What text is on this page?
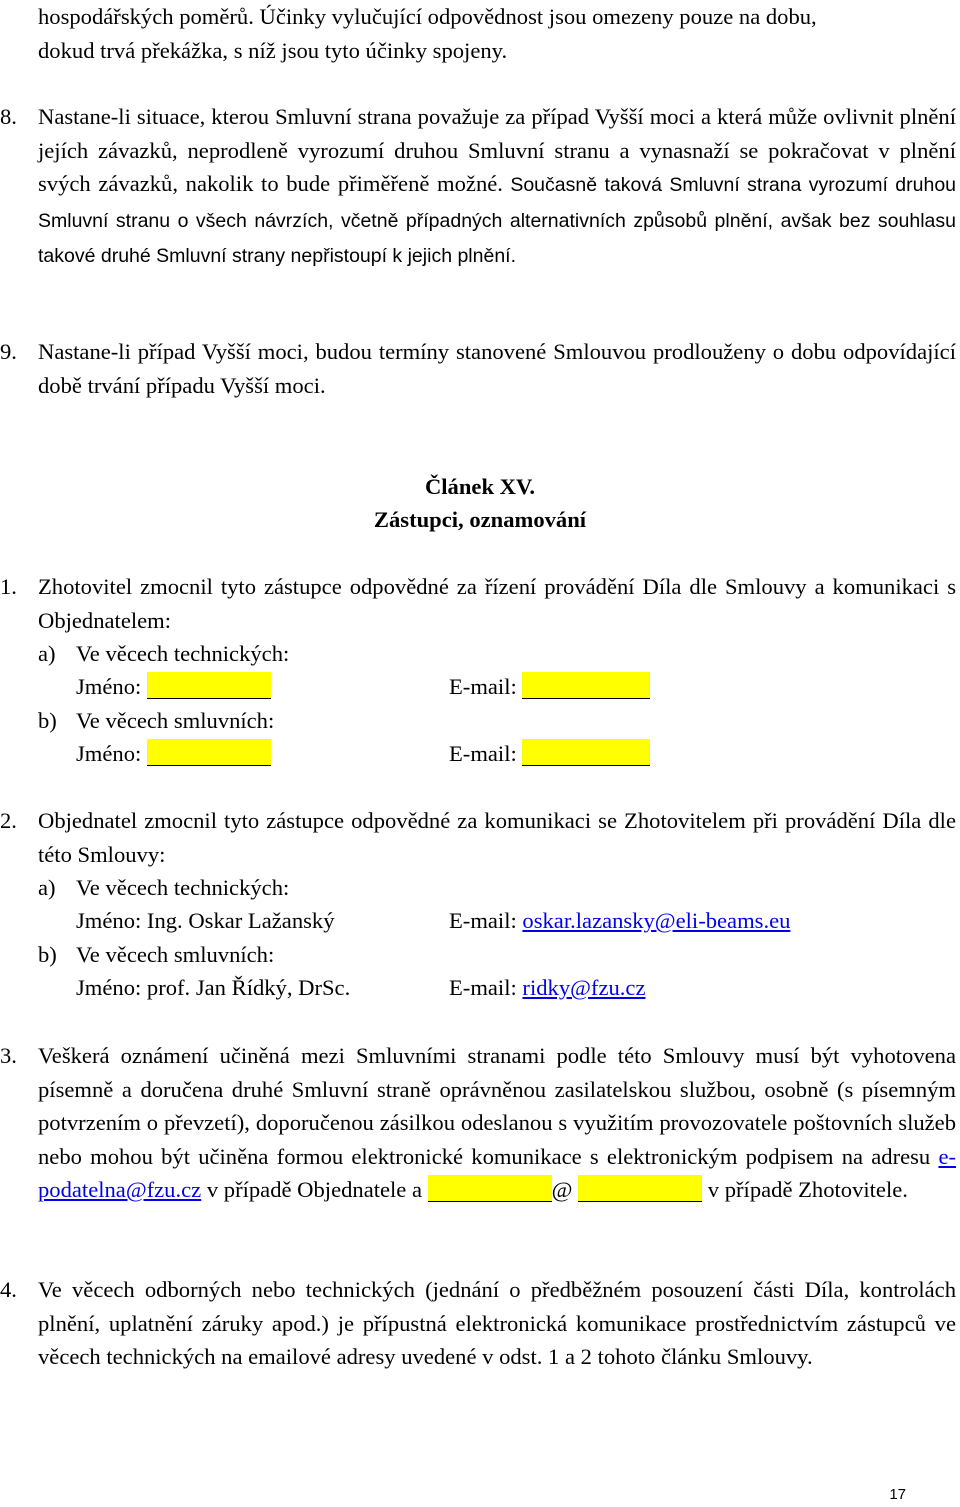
hospodářských poměrů. Účinky vylučující odpovědnost jsou omezeny pouze na dobu,
dokud trvá překážka, s níž jsou tyto účinky spojeny.
8. Nastane-li situace, kterou Smluvní strana považuje za případ Vyšší moci a která může ovlivnit plnění jejích závazků, neprodleně vyrozumí druhou Smluvní stranu a vynasnaží se pokračovat v plnění svých závazků, nakolik to bude přiměřeně možné. Současně taková Smluvní strana vyrozumí druhou Smluvní stranu o všech návrzích, včetně případných alternativních způsobů plnění, avšak bez souhlasu takové druhé Smluvní strany nepřistoupí k jejich plnění.
9. Nastane-li případ Vyšší moci, budou termíny stanovené Smlouvou prodlouženy o dobu odpovídající době trvání případu Vyšší moci.
Článek XV.
Zástupci, oznamování
1. Zhotovitel zmocnil tyto zástupce odpovědné za řízení provádění Díla dle Smlouvy a komunikaci s Objednatelem:
a) Ve věcech technických:
Jméno:	E-mail:
b) Ve věcech smluvních:
Jméno:	E-mail:
2. Objednatel zmocnil tyto zástupce odpovědné za komunikaci se Zhotovitelem při provádění Díla dle této Smlouvy:
a) Ve věcech technických:
Jméno: Ing. Oskar Lažanský	E-mail: oskar.lazansky@eli-beams.eu
b) Ve věcech smluvních:
Jméno: prof. Jan Řídký, DrSc.	E-mail: ridky@fzu.cz
3. Veškerá oznámení učiněná mezi Smluvními stranami podle této Smlouvy musí být vyhotovena písemně a doručena druhé Smluvní straně oprávněnou zasilatelskou službou, osobně (s písemným potvrzením o převzetí), doporučenou zásilkou odeslanou s využitím provozovatele poštovních služeb nebo mohou být učiněna formou elektronické komunikace s elektronickým podpisem na adresu e-podatelna@fzu.cz v případě Objednatele a	@	v případě Zhotovitele.
4. Ve věcech odborných nebo technických (jednání o předběžném posouzení části Díla, kontrolách plnění, uplatnění záruky apod.) je přípustná elektronická komunikace prostřednictvím zástupců ve věcech technických na emailové adresy uvedené v odst. 1 a 2 tohoto článku Smlouvy.
17
